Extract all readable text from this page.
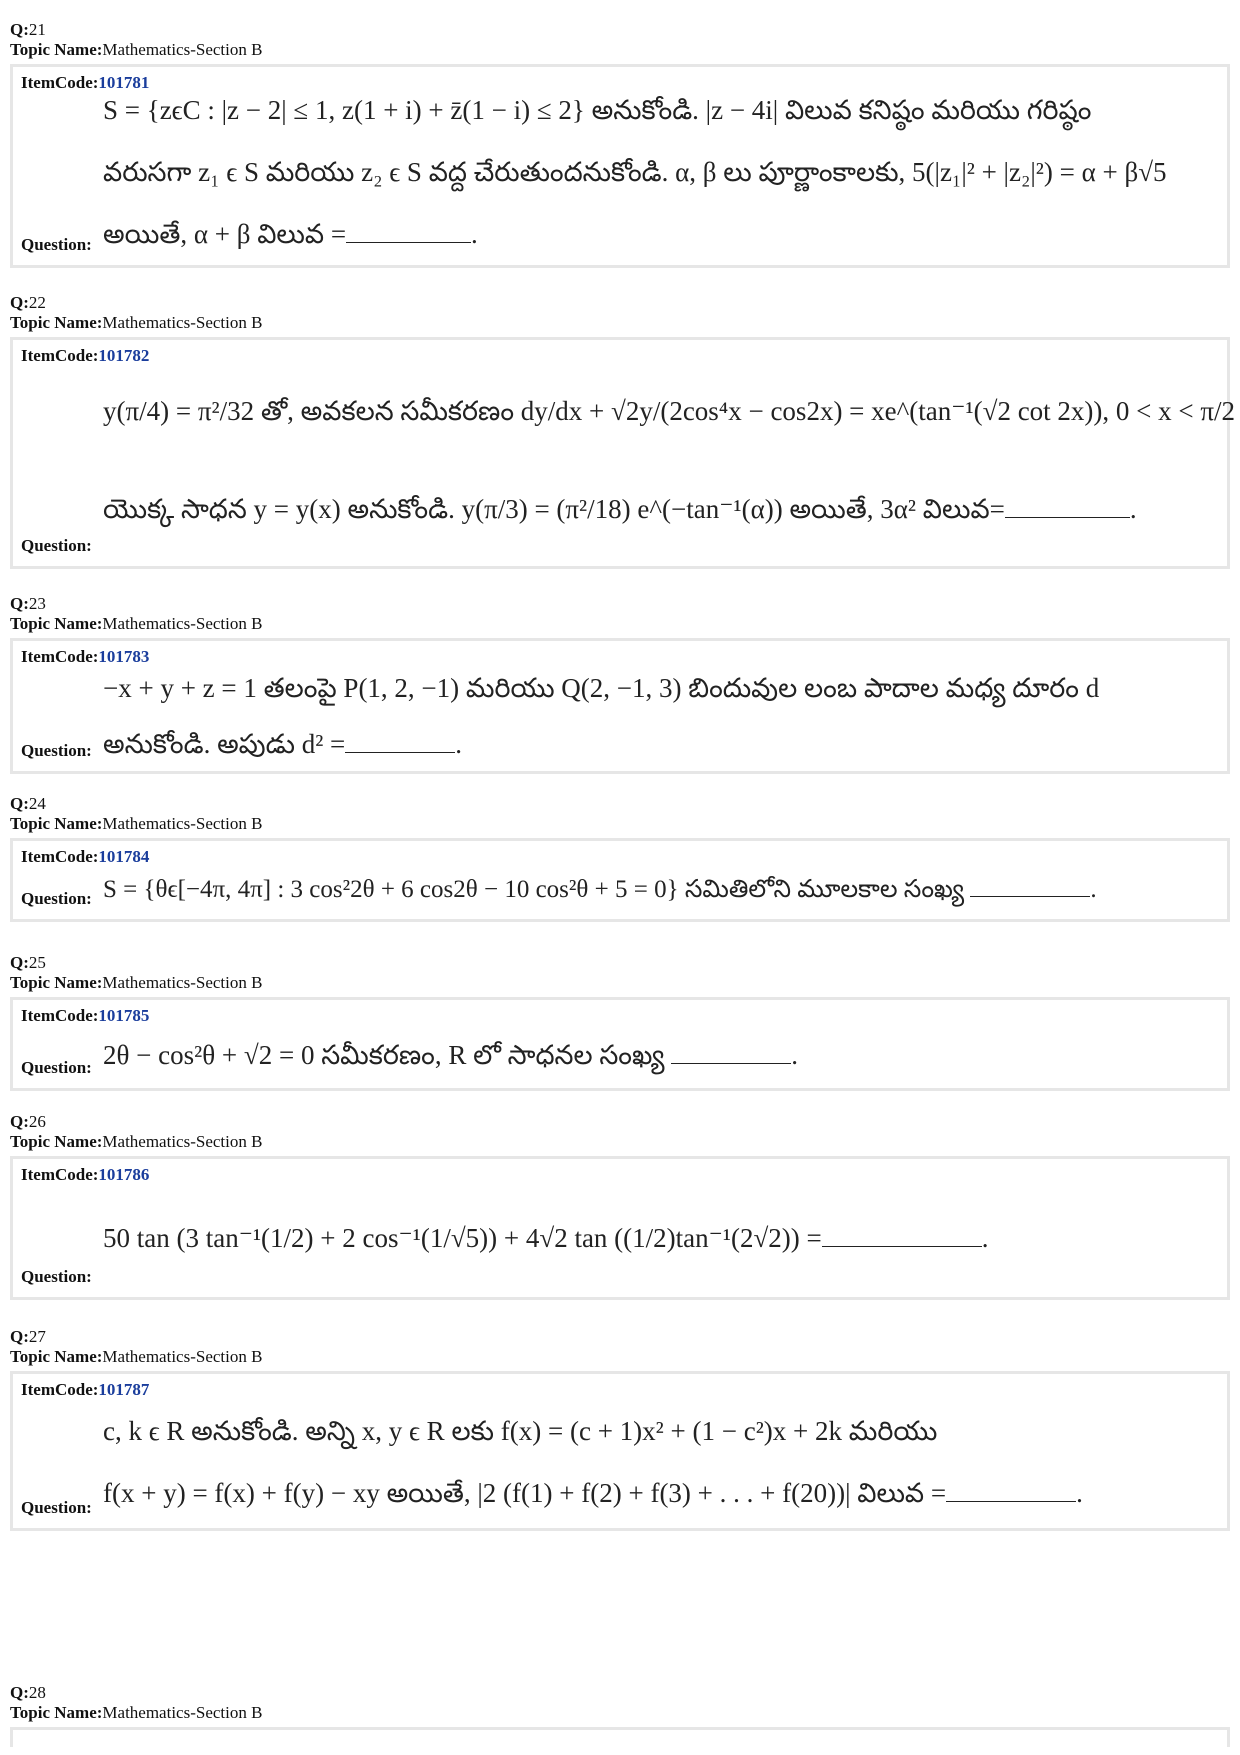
Q:21
Topic Name:Mathematics-Section B
ItemCode:101781
S = {zϵC : |z − 2| ≤ 1, z(1 + i) + z̄(1 − i) ≤ 2} అనుకోండి. |z − 4i| విలువ కనిష్ఠం మరియు గరిష్ఠం
వరుసగా z₁ ϵ S మరియు z₂ ϵ S వద్ద చేరుతుందనుకోండి. α, β లు పూర్ణాంకాలకు, 5(|z₁|² + |z₂|²) = α + β√5
అయితే, α + β విలువ =	.
Question:
Q:22
Topic Name:Mathematics-Section B
ItemCode:101782
y(π/4) = π²/32 తో, అవకలన సమీకరణం dy/dx + √2y/(2cos⁴x − cos2x) = xe^(tan⁻¹(√2 cot 2x)), 0 < x < π/2
యొక్క సాధన y = y(x) అనుకోండి. y(π/3) = (π²/18) e^(−tan⁻¹(α)) అయితే, 3α² విలువ=	.
Question:
Q:23
Topic Name:Mathematics-Section B
ItemCode:101783
−x + y + z = 1 తలంపై P(1, 2, −1) మరియు Q(2, −1, 3) బిందువుల లంబ పాదాల మధ్య దూరం d
అనుకోండి. అపుడు d² =	.
Question:
Q:24
Topic Name:Mathematics-Section B
ItemCode:101784
S = {θϵ[−4π, 4π] : 3 cos²2θ + 6 cos2θ − 10 cos²θ + 5 = 0} సమితిలోని మూలకాల సంఖ్య	.
Question:
Q:25
Topic Name:Mathematics-Section B
ItemCode:101785
2θ − cos²θ + √2 = 0 సమీకరణం, R లో సాధనల సంఖ్య	.
Question:
Q:26
Topic Name:Mathematics-Section B
ItemCode:101786
50 tan (3 tan⁻¹(1/2) + 2 cos⁻¹(1/√5)) + 4√2 tan ((1/2)tan⁻¹(2√2)) =	.
Question:
Q:27
Topic Name:Mathematics-Section B
ItemCode:101787
c, k ϵ R అనుకోండి. అన్ని x, y ϵ R లకు f(x) = (c + 1)x² + (1 − c²)x + 2k మరియు
f(x + y) = f(x) + f(y) − xy అయితే, |2 (f(1) + f(2) + f(3) + . . . + f(20))| విలువ =	.
Question:
Q:28
Topic Name:Mathematics-Section B
